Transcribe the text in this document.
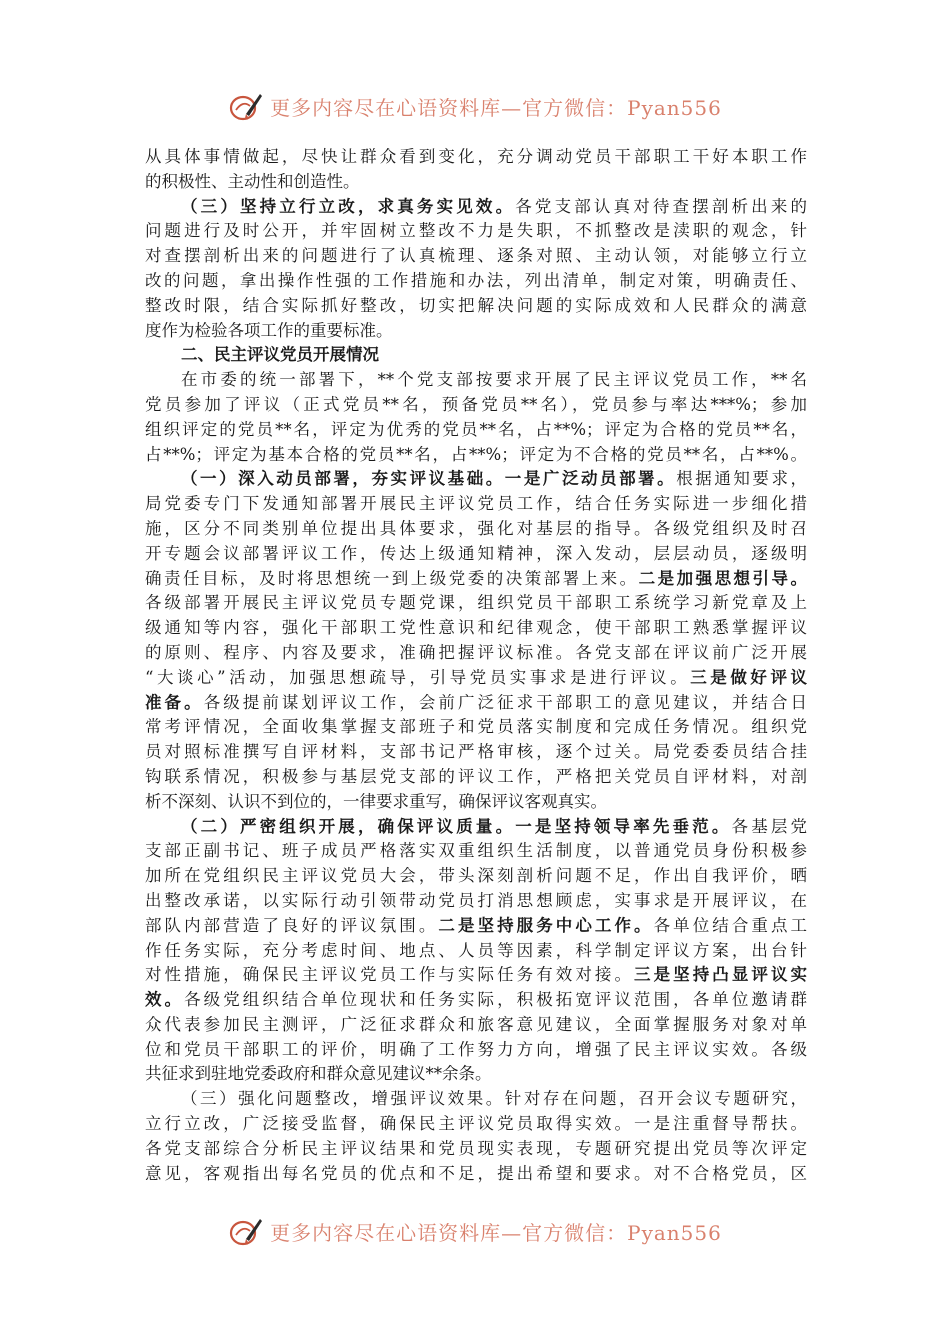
更多内容尽在心语资料库—官方微信：Pyan556
从具体事情做起，尽快让群众看到变化，充分调动党员干部职工干好本职工作
的积极性、主动性和创造性。
（三）坚持立行立改，求真务实见效。各党支部认真对待查摆剖析出来的
问题进行及时公开，并牢固树立整改不力是失职，不抓整改是渎职的观念，针
对查摆剖析出来的问题进行了认真梳理、逐条对照、主动认领，对能够立行立
改的问题，拿出操作性强的工作措施和办法，列出清单，制定对策，明确责任、
整改时限，结合实际抓好整改，切实把解决问题的实际成效和人民群众的满意
度作为检验各项工作的重要标准。
二、民主评议党员开展情况
在市委的统一部署下，**个党支部按要求开展了民主评议党员工作，**名
党员参加了评议（正式党员**名，预备党员**名），党员参与率达***%；参加
组织评定的党员**名，评定为优秀的党员**名，占**%；评定为合格的党员**名，
占**%；评定为基本合格的党员**名，占**%；评定为不合格的党员**名，占**%。
（一）深入动员部署，夯实评议基础。一是广泛动员部署。根据通知要求，
局党委专门下发通知部署开展民主评议党员工作，结合任务实际进一步细化措
施，区分不同类别单位提出具体要求，强化对基层的指导。各级党组织及时召
开专题会议部署评议工作，传达上级通知精神，深入发动，层层动员，逐级明
确责任目标，及时将思想统一到上级党委的决策部署上来。二是加强思想引导。
各级部署开展民主评议党员专题党课，组织党员干部职工系统学习新党章及上
级通知等内容，强化干部职工党性意识和纪律观念，使干部职工熟悉掌握评议
的原则、程序、内容及要求，准确把握评议标准。各党支部在评议前广泛开展
“大谈心”活动，加强思想疏导，引导党员实事求是进行评议。三是做好评议
准备。各级提前谋划评议工作，会前广泛征求干部职工的意见建议，并结合日
常考评情况，全面收集掌握支部班子和党员落实制度和完成任务情况。组织党
员对照标准撰写自评材料，支部书记严格审核，逐个过关。局党委委员结合挂
钩联系情况，积极参与基层党支部的评议工作，严格把关党员自评材料，对剖
析不深刻、认识不到位的，一律要求重写，确保评议客观真实。
（二）严密组织开展，确保评议质量。一是坚持领导率先垂范。各基层党
支部正副书记、班子成员严格落实双重组织生活制度，以普通党员身份积极参
加所在党组织民主评议党员大会，带头深刻剖析问题不足，作出自我评价，晒
出整改承诺，以实际行动引领带动党员打消思想顾虑，实事求是开展评议，在
部队内部营造了良好的评议氛围。二是坚持服务中心工作。各单位结合重点工
作任务实际，充分考虑时间、地点、人员等因素，科学制定评议方案，出台针
对性措施，确保民主评议党员工作与实际任务有效对接。三是坚持凸显评议实
效。各级党组织结合单位现状和任务实际，积极拓宽评议范围，各单位邀请群
众代表参加民主测评，广泛征求群众和旅客意见建议，全面掌握服务对象对单
位和党员干部职工的评价，明确了工作努力方向，增强了民主评议实效。各级
共征求到驻地党委政府和群众意见建议**余条。
（三）强化问题整改，增强评议效果。针对存在问题，召开会议专题研究，
立行立改，广泛接受监督，确保民主评议党员取得实效。一是注重督导帮扶。
各党支部综合分析民主评议结果和党员现实表现，专题研究提出党员等次评定
意见，客观指出每名党员的优点和不足，提出希望和要求。对不合格党员，区
更多内容尽在心语资料库—官方微信：Pyan556
